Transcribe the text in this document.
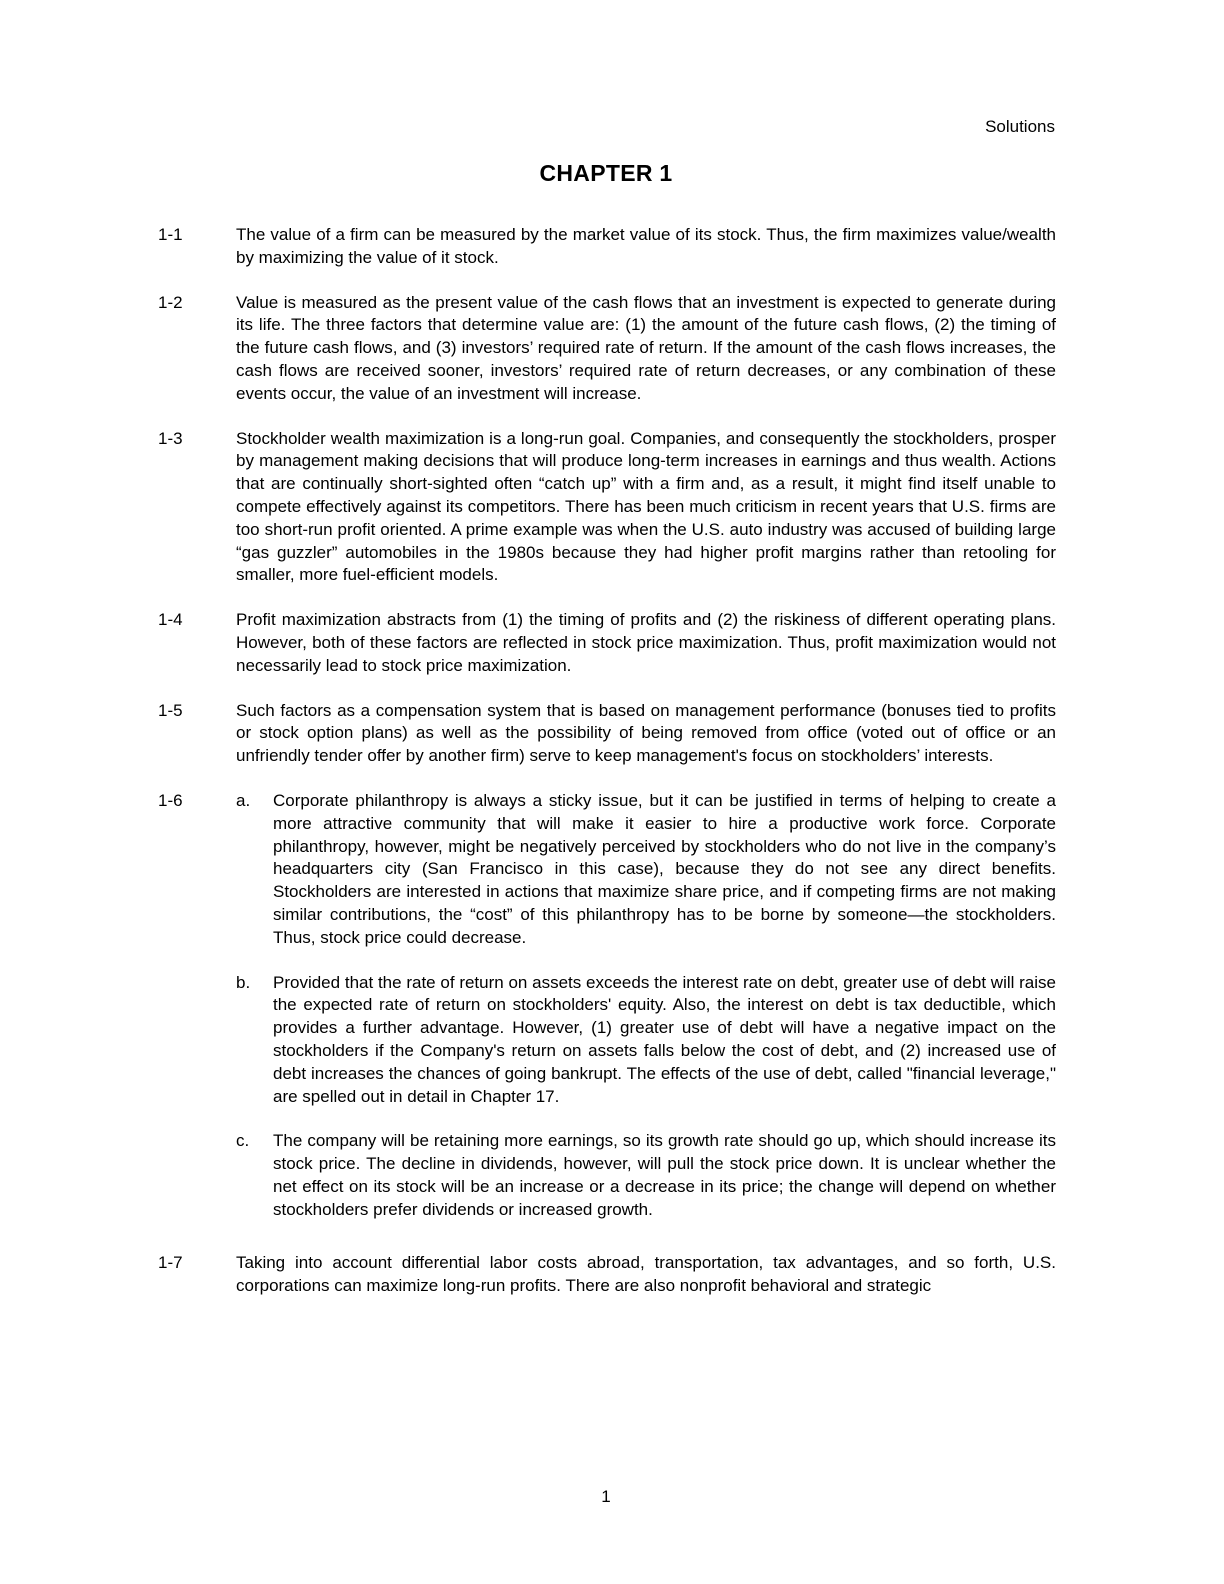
Solutions
CHAPTER 1
1-1	The value of a firm can be measured by the market value of its stock. Thus, the firm maximizes value/wealth by maximizing the value of it stock.
1-2	Value is measured as the present value of the cash flows that an investment is expected to generate during its life. The three factors that determine value are: (1) the amount of the future cash flows, (2) the timing of the future cash flows, and (3) investors’ required rate of return. If the amount of the cash flows increases, the cash flows are received sooner, investors’ required rate of return decreases, or any combination of these events occur, the value of an investment will increase.
1-3	Stockholder wealth maximization is a long-run goal. Companies, and consequently the stockholders, prosper by management making decisions that will produce long-term increases in earnings and thus wealth. Actions that are continually short-sighted often “catch up” with a firm and, as a result, it might find itself unable to compete effectively against its competitors. There has been much criticism in recent years that U.S. firms are too short-run profit oriented. A prime example was when the U.S. auto industry was accused of building large “gas guzzler” automobiles in the 1980s because they had higher profit margins rather than retooling for smaller, more fuel-efficient models.
1-4	Profit maximization abstracts from (1) the timing of profits and (2) the riskiness of different operating plans. However, both of these factors are reflected in stock price maximization. Thus, profit maximization would not necessarily lead to stock price maximization.
1-5	Such factors as a compensation system that is based on management performance (bonuses tied to profits or stock option plans) as well as the possibility of being removed from office (voted out of office or an unfriendly tender offer by another firm) serve to keep management's focus on stockholders’ interests.
1-6	a.	Corporate philanthropy is always a sticky issue, but it can be justified in terms of helping to create a more attractive community that will make it easier to hire a productive work force. Corporate philanthropy, however, might be negatively perceived by stockholders who do not live in the company’s headquarters city (San Francisco in this case), because they do not see any direct benefits. Stockholders are interested in actions that maximize share price, and if competing firms are not making similar contributions, the “cost” of this philanthropy has to be borne by someone—the stockholders. Thus, stock price could decrease.
b.	Provided that the rate of return on assets exceeds the interest rate on debt, greater use of debt will raise the expected rate of return on stockholders' equity. Also, the interest on debt is tax deductible, which provides a further advantage. However, (1) greater use of debt will have a negative impact on the stockholders if the Company's return on assets falls below the cost of debt, and (2) increased use of debt increases the chances of going bankrupt. The effects of the use of debt, called "financial leverage," are spelled out in detail in Chapter 17.
c.	The company will be retaining more earnings, so its growth rate should go up, which should increase its stock price. The decline in dividends, however, will pull the stock price down. It is unclear whether the net effect on its stock will be an increase or a decrease in its price; the change will depend on whether stockholders prefer dividends or increased growth.
1-7	Taking into account differential labor costs abroad, transportation, tax advantages, and so forth, U.S. corporations can maximize long-run profits. There are also nonprofit behavioral and strategic
1
